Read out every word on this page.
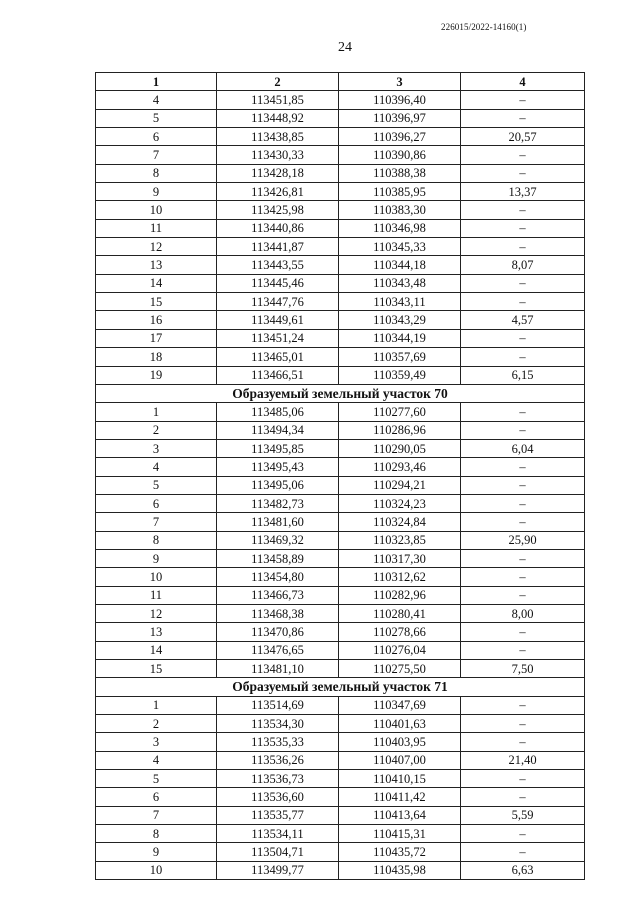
226015/2022-14160(1)
24
1	2	3	4
4	113451,85	110396,40	–
5	113448,92	110396,97	–
6	113438,85	110396,27	20,57
7	113430,33	110390,86	–
8	113428,18	110388,38	–
9	113426,81	110385,95	13,37
10	113425,98	110383,30	–
11	113440,86	110346,98	–
12	113441,87	110345,33	–
13	113443,55	110344,18	8,07
14	113445,46	110343,48	–
15	113447,76	110343,11	–
16	113449,61	110343,29	4,57
17	113451,24	110344,19	–
18	113465,01	110357,69	–
19	113466,51	110359,49	6,15
Образуемый земельный участок 70			
1	113485,06	110277,60	–
2	113494,34	110286,96	–
3	113495,85	110290,05	6,04
4	113495,43	110293,46	–
5	113495,06	110294,21	–
6	113482,73	110324,23	–
7	113481,60	110324,84	–
8	113469,32	110323,85	25,90
9	113458,89	110317,30	–
10	113454,80	110312,62	–
11	113466,73	110282,96	–
12	113468,38	110280,41	8,00
13	113470,86	110278,66	–
14	113476,65	110276,04	–
15	113481,10	110275,50	7,50
Образуемый земельный участок 71			
1	113514,69	110347,69	–
2	113534,30	110401,63	–
3	113535,33	110403,95	–
4	113536,26	110407,00	21,40
5	113536,73	110410,15	–
6	113536,60	110411,42	–
7	113535,77	110413,64	5,59
8	113534,11	110415,31	–
9	113504,71	110435,72	–
10	113499,77	110435,98	6,63
